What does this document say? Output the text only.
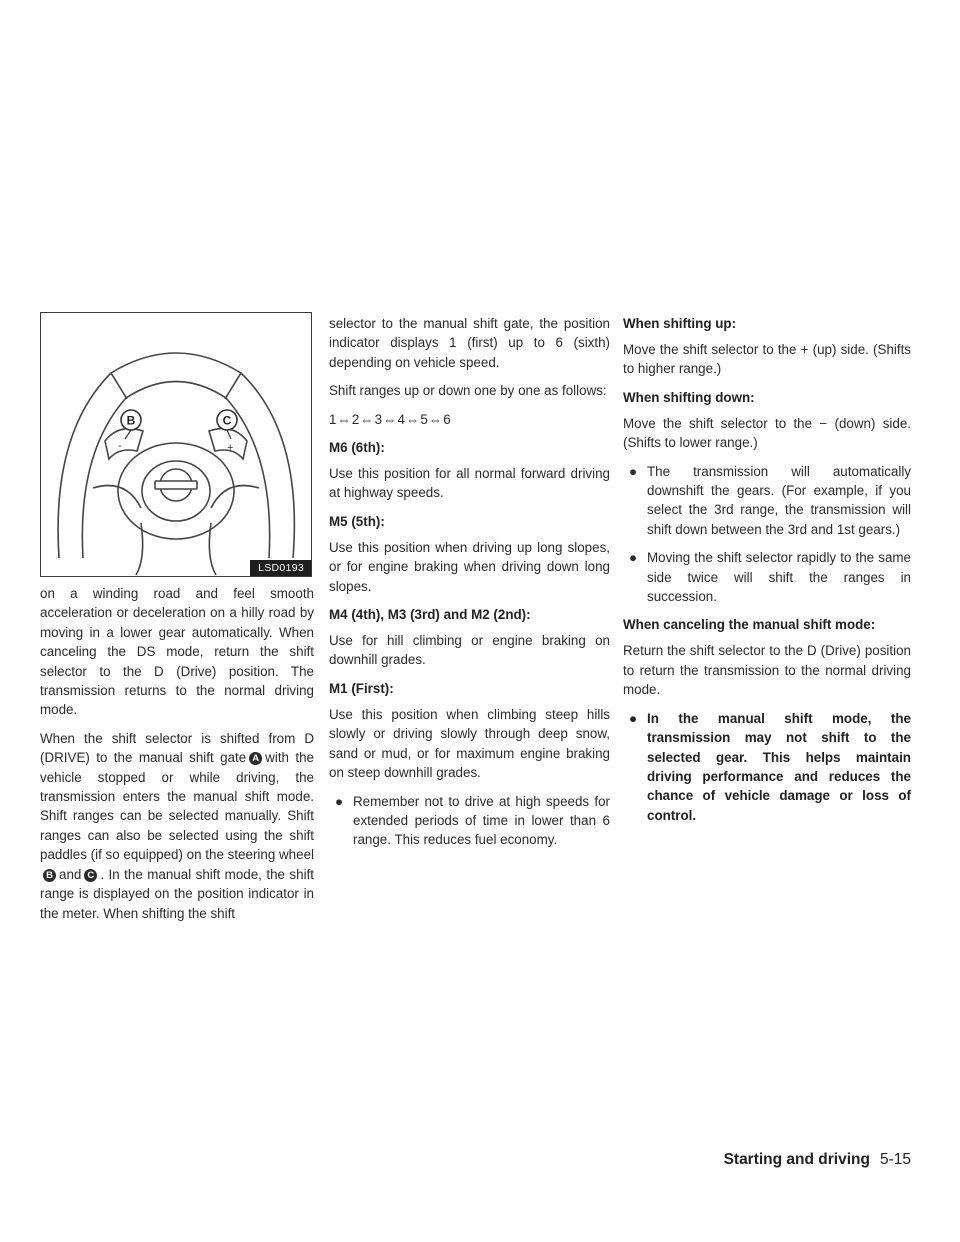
-	+
B	C
LSD0193

on a winding road and feel smooth acceleration or deceleration on a hilly road by moving in a lower gear automatically. When canceling the DS mode, return the shift selector to the D (Drive) position. The transmission returns to the normal driving mode.

When the shift selector is shifted from D (DRIVE) to the manual shift gate A with the vehicle stopped or while driving, the transmission enters the manual shift mode. Shift ranges can be selected manually. Shift ranges can also be selected using the shift paddles (if so equipped) on the steering wheelB and C . In the manual shift mode, the shift range is displayed on the position indicator in the meter. When shifting the shift

selector to the manual shift gate, the position indicator displays 1 (first) up to 6 (sixth) depending on vehicle speed.

Shift ranges up or down one by one as follows:

1⇔2⇔3⇔4⇔5⇔6

M6 (6th):

Use this position for all normal forward driving at highway speeds.

M5 (5th):

Use this position when driving up long slopes, or for engine braking when driving down long slopes.

M4 (4th), M3 (3rd) and M2 (2nd):

Use for hill climbing or engine braking on downhill grades.

M1 (First):

Use this position when climbing steep hills slowly or driving slowly through deep snow, sand or mud, or for maximum engine braking on steep downhill grades.

● Remember not to drive at high speeds for extended periods of time in lower than 6 range. This reduces fuel economy.
When shifting up:

Move the shift selector to the + (up) side. (Shifts to higher range.)

When shifting down:

Move the shift selector to the − (down) side. (Shifts to lower range.)

● The transmission will automatically downshift the gears. (For example, if you select the 3rd range, the transmission will shift down between the 3rd and 1st gears.)
● Moving the shift selector rapidly to the same side twice will shift the ranges in succession.
When canceling the manual shift mode:

Return the shift selector to the D (Drive) position to return the transmission to the normal driving mode.

● In the manual shift mode, the transmission may not shift to the selected gear. This helps maintain driving performance and reduces the chance of vehicle damage or loss of control.
Starting and driving 5-15
